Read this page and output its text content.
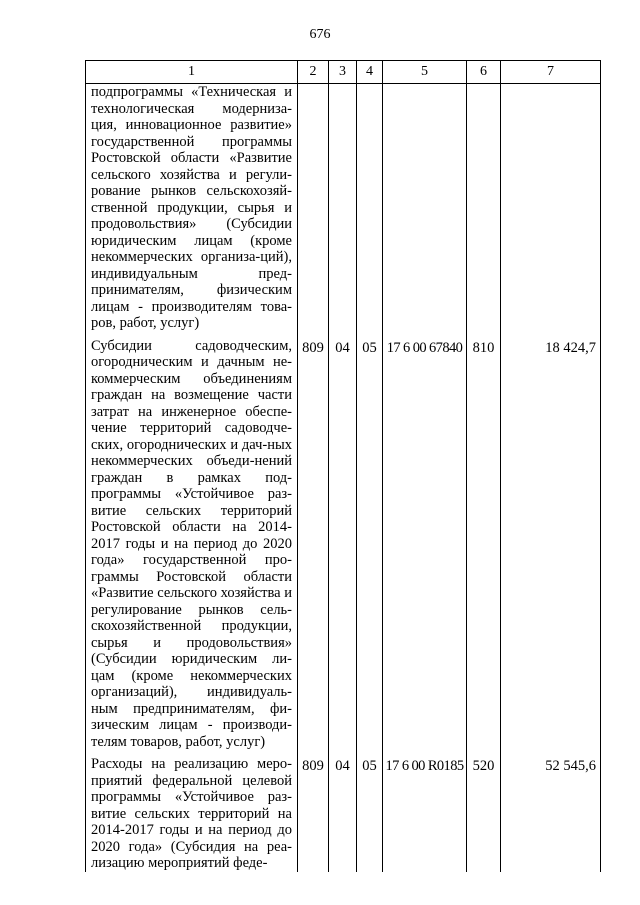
676
1	2	3	4	5	6	7
подпрограммы «Техническая и технологическая модерниза-ция, инновационное развитие» государственной программы Ростовской области «Развитие сельского хозяйства и регули-рование рынков сельскохозяй-ственной продукции, сырья и продовольствия» (Субсидии юридическим лицам (кроме некоммерческих организа-ций), индивидуальным пред-принимателям, физическим лицам - производителям това-ров, работ, услуг)						

Субсидии садоводческим, огородническим и дачным не-коммерческим объединениям граждан на возмещение части затрат на инженерное обеспе-чение территорий садоводче-ских, огороднических и дач-ных некоммерческих объеди-нений граждан в рамках под-программы «Устойчивое раз-витие сельских территорий Ростовской области на 2014-2017 годы и на период до 2020 года» государственной про-граммы Ростовской области «Развитие сельского хозяйства и регулирование рынков сель-скохозяйственной продукции, сырья и продовольствия» (Субсидии юридическим ли-цам (кроме некоммерческих организаций), индивидуаль-ным предпринимателям, фи-зическим лицам - производи-телям товаров, работ, услуг)	809	04	05	17 6 00 67840	810	18 424,7

Расходы на реализацию меро-приятий федеральной целевой программы «Устойчивое раз-витие сельских территорий на 2014-2017 годы и на период до 2020 года» (Субсидия на реа-лизацию мероприятий феде-	809	04	05	17 6 00 R0185	520	52 545,6
